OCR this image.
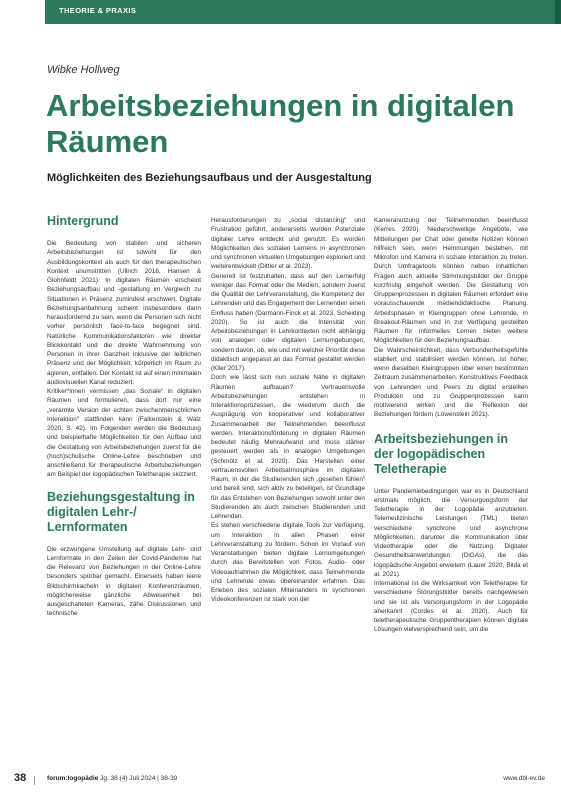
THEORIE & PRAXIS
Wibke Hollweg
Arbeitsbeziehungen in digitalen Räumen
Möglichkeiten des Beziehungsaufbaus und der Ausgestaltung
Hintergrund

Die Bedeutung von stabilen und sicheren Arbeitsbeziehungen ist sowohl für den Ausbildungskontext als auch für den therapeutischen Kontext unumstritten (Ullrich 2016, Hansen & Glohnfeldt 2021). In digitalen Räumen erscheint Beziehungsaufbau und -gestaltung im Vergleich zu Situationen in Präsenz zumindest erschwert. Digitale Beziehungsanbahnung scheint insbesondere dann herausfordernd zu sein, wenn die Personen sich nicht vorher persönlich face-to-face begegnet sind. Natürliche Kommunikationsfaktoren wie direkter Blickkontakt und die direkte Wahrnehmung von Personen in ihrer Ganzheit inklusive der leiblichen Präsenz und der Möglichkeit, körperlich im Raum zu agieren, entfallen. Der Kontakt ist auf einen minimalen audiovisuellen Kanal reduziert.

Kritiker*innen vermissen „das Soziale“ in digitalen Räumen und formulieren, dass dort nur eine „verarmte Version der echten zwischenmenschlichen Interaktion“ stattfinden kann (Falkenstein & Walz 2020, S. 42). Im Folgenden werden die Bedeutung und beispielhafte Möglichkeiten für den Aufbau und die Gestaltung von Arbeitsbeziehungen zuerst für die (hoch)schulische Online-Lehre beschrieben und anschließend für therapeutische Arbeitsbeziehungen am Beispiel der logopädischen Teletherapie skizziert.

Beziehungsgestaltung in digitalen Lehr-/ Lernformaten

Die erzwungene Umstellung auf digitale Lehr- und Lernformate in den Zeiten der Covid-Pandemie hat die Relevanz von Beziehungen in der Online-Lehre besonders spürbar gemacht. Einerseits haben leere Bildschirmkacheln in digitalen Konferenzräumen, möglicherweise gänzliche Abwesenheit bei ausgeschalteten Kameras, zähe Diskussionen und technische

Herausforderungen zu „social distancing“ und Frustration geführt, andererseits wurden Potenziale digitaler Lehre entdeckt und genutzt. Es wurden Möglichkeiten des sozialen Lernens in asynchronen und synchronen virtuellen Umgebungen exploriert und weiterentwickelt (Dittler et al. 2023).

Generell ist festzuhalten, dass auf den Lernerfolg weniger das Format oder die Medien, sondern zuerst die Qualität der Lehrveranstaltung, die Kompetenz der Lehrenden und das Engagement der Lernenden einen Einfluss haben (Darmann-Finck et al. 2023, Scheiding 2020). So ist auch die Intensität von Arbeitsbeziehungen in Lehrkontexten nicht abhängig von analogen oder digitalen Lernumgebungen, sondern davon, ob, wie und mit welcher Priorität diese didaktisch angepasst an das Format gestaltet werden (Klier 2017).

Doch wie lässt sich nun soziale Nähe in digitalen Räumen aufbauen? Vertrauensvolle Arbeitsbeziehungen entstehen in Interaktionsprozessen, die wiederum durch die Ausprägung von kooperativer und kollaborativer Zusammenarbeit der Teilnehmenden beeinflusst werden. Interaktionsförderung in digitalen Räumen bedeutet häufig Mehraufwand und muss stärker gesteuert werden als in analogen Umgebungen (Schmölz et al. 2020). Das Herstellen einer vertrauensvollen Arbeitsatmosphäre im digitalen Raum, in der die Studierenden sich „gesehen fühlen“ und bereit sind, sich aktiv zu beteiligen, ist Grundlage für das Entstehen von Beziehungen sowohl unter den Studierenden als auch zwischen Studierenden und Lehrenden.

Es stehen verschiedene digitale Tools zur Verfügung, um Interaktion in allen Phasen einer Lehrveranstaltung zu fördern. Schon im Vorlauf von Veranstaltungen bieten digitale Lernumgebungen durch das Bereitstellen von Fotos, Audio- oder Videoaufnahmen die Möglichkeit, dass Teilnehmende und Lehrende etwas übereinander erfahren. Das Erleben des sozialen Miteinanders in synchronen Videokonferenzen ist stark von der

Kameranutzung der Teilnehmenden beeinflusst (Kerres 2020). Niederschwellige Angebote, wie Mitteilungen per Chat oder geteilte Notizen können hilfreich sein, wenn Hemmungen bestehen, mit Mikrofon und Kamera in soziale Interaktion zu treten. Durch Umfragetools können neben inhaltlichen Fragen auch aktuelle Stimmungsbilder der Gruppe kurzfristig eingeholt werden. Die Gestaltung von Gruppenprozessen in digitalen Räumen erfordert eine vorausschauende mediendidaktische Planung. Arbeitsphasen in Kleingruppen ohne Lehrende, in Breakout-Räumen und in zur Verfügung gestellten Räumen für informelles Lernen bieten weitere Möglichkeiten für den Beziehungsaufbau.

Die Wahrscheinlichkeit, dass Verbundenheitsgefühle etabliert und stabilisiert werden können, ist höher, wenn dieselben Kleingruppen über einen bestimmten Zeitraum zusammenarbeiten. Konstruktives Feedback von Lehrenden und Peers zu digital erstellten Produkten und zu Gruppenprozessen kann motivierend wirken und die Reflexion der Beziehungen fördern (Löwenstein 2021).

Arbeitsbeziehungen in der logopädischen Teletherapie

Unter Pandemiebedingungen war es in Deutschland erstmals möglich, die Versorgungsform der Teletherapie in der Logopädie anzubieten. Telemedizinische Leistungen (TML) bieten verschiedene synchrone und asynchrone Möglichkeiten, darunter die Kommunikation über Videotherapie oder die Nutzung Digitaler Gesundheitsanwendungen (DiGAs), die das logopädische Angebot erweitern (Lauer 2020, Bilda et al. 2021).

International ist die Wirksamkeit von Teletherapie für verschiedene Störungsbilder bereits nachgewiesen und sie ist als Versorgungsform in der Logopädie anerkannt (Cordes et al. 2020). Auch für teletherapeutische Gruppentherapien können digitale Lösungen vielversprechend sein, um die

38	forum:logopädie Jg. 38 (4) Juli 2024 | 38-39	www.dbl-ev.de
